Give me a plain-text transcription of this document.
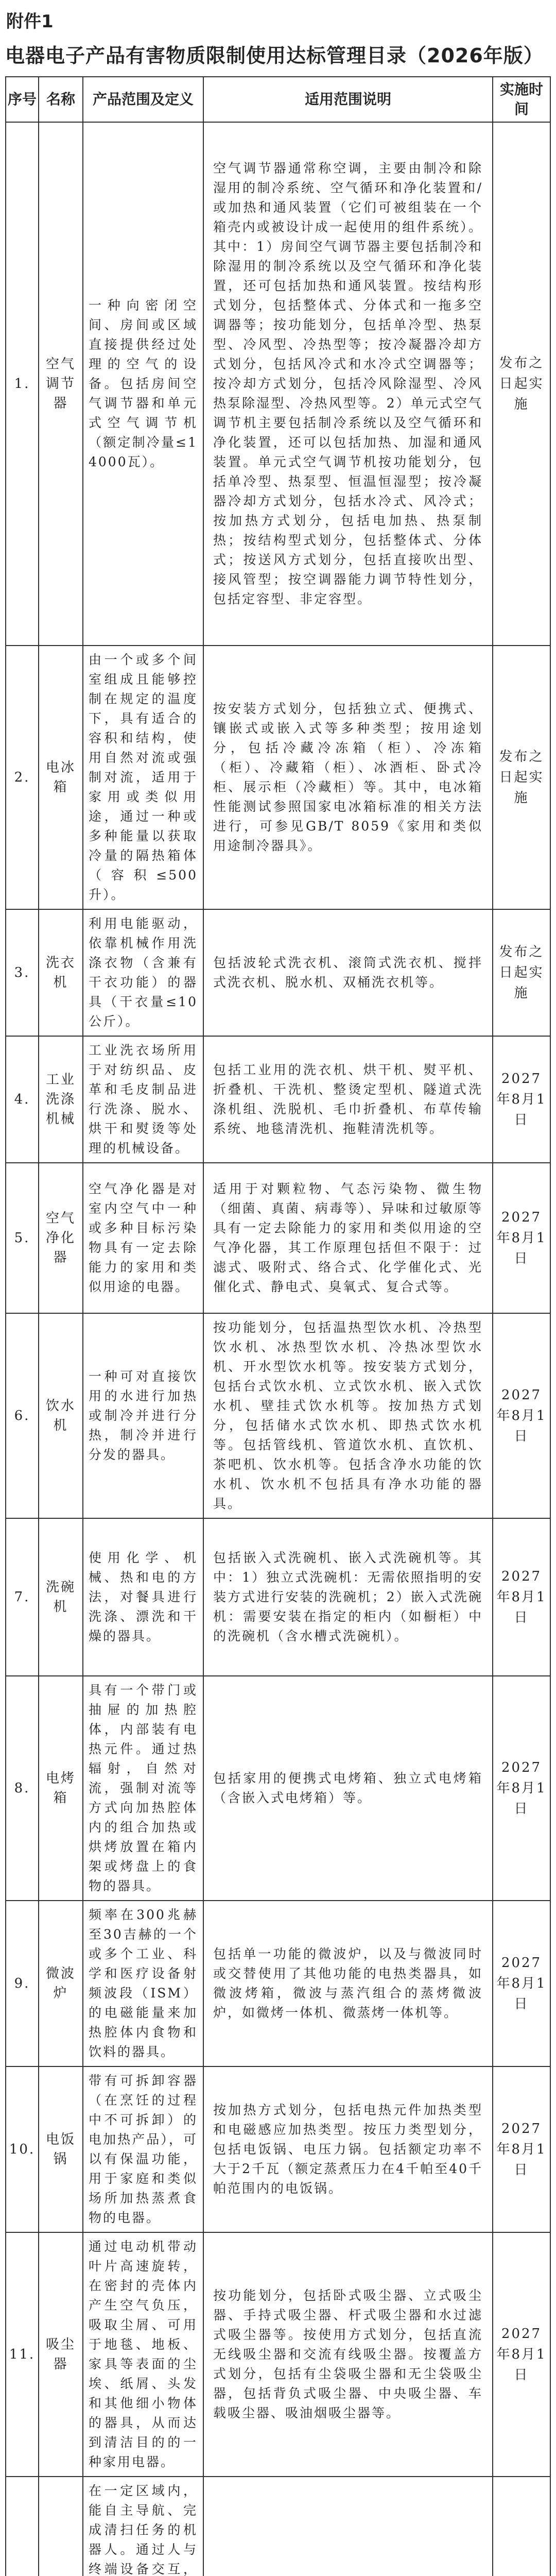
附件1
电器电子产品有害物质限制使用达标管理目录（2026年版）
序号	名称	产品范围及定义	适用范围说明	实施时间
1.	空气调节器	一种向密闭空间、房间或区域直接提供经过处理的空气的设备。包括房间空气调节器和单元式空气调节机（额定制冷量≤14000瓦）。	空气调节器通常称空调，主要由制冷和除湿用的制冷系统、空气循环和净化装置和/或加热和通风装置（它们可被组装在一个箱壳内或被设计成一起使用的组件系统）。其中：1）房间空气调节器主要包括制冷和除湿用的制冷系统以及空气循环和净化装置，还可包括加热和通风装置。按结构形式划分，包括整体式、分体式和一拖多空调器等；按功能划分，包括单冷型、热泵型、冷风型、冷热型等；按冷凝器冷却方式划分，包括风冷式和水冷式空调器等；按冷却方式划分，包括冷风除湿型、冷风热泵除湿型、冷热风型等。2）单元式空气调节机主要包括制冷系统以及空气循环和净化装置，还可以包括加热、加湿和通风装置。单元式空气调节机按功能划分，包括单冷型、热泵型、恒温恒湿型；按冷凝器冷却方式划分，包括水冷式、风冷式；按加热方式划分，包括电加热、热泵制热；按结构型式划分，包括整体式、分体式；按送风方式划分，包括直接吹出型、接风管型；按空调器能力调节特性划分，包括定容型、非定容型。	发布之日起实施
2.	电冰箱	由一个或多个间室组成且能够控制在规定的温度下，具有适合的容积和结构，使用自然对流或强制对流，适用于家用或类似用途，通过一种或多种能量以获取冷量的隔热箱体（容积≤500升）。	按安装方式划分，包括独立式、便携式、镶嵌式或嵌入式等多种类型；按用途划分，包括冷藏冷冻箱（柜）、冷冻箱（柜）、冷藏箱（柜）、冰酒柜、卧式冷柜、展示柜（冷藏柜）等。其中，电冰箱性能测试参照国家电冰箱标准的相关方法进行，可参见GB/T 8059《家用和类似用途制冷器具》。	发布之日起实施
3.	洗衣机	利用电能驱动，依靠机械作用洗涤衣物（含兼有干衣功能）的器具（干衣量≤10公斤）。	包括波轮式洗衣机、滚筒式洗衣机、搅拌式洗衣机、脱水机、双桶洗衣机等。	发布之日起实施
4.	工业洗涤机械	工业洗衣场所用于对纺织品、皮革和毛皮制品进行洗涤、脱水、烘干和熨烫等处理的机械设备。	包括工业用的洗衣机、烘干机、熨平机、折叠机、干洗机、整烫定型机、隧道式洗涤机组、洗脱机、毛巾折叠机、布草传输系统、地毯清洗机、拖鞋清洗机等。	2027年8月1日
5.	空气净化器	空气净化器是对室内空气中一种或多种目标污染物具有一定去除能力的家用和类似用途的电器。	适用于对颗粒物、气态污染物、微生物（细菌、真菌、病毒等）、异味和过敏原等具有一定去除能力的家用和类似用途的空气净化器，其工作原理包括但不限于：过滤式、吸附式、络合式、化学催化式、光催化式、静电式、臭氧式、复合式等。	2027年8月1日
6.	饮水机	一种可对直接饮用的水进行加热或制冷并进行分热，制冷并进行分发的器具。	按功能划分，包括温热型饮水机、冷热型饮水机、冰热型饮水机、冷热冰型饮水机、开水型饮水机等。按安装方式划分，包括台式饮水机、立式饮水机、嵌入式饮水机、壁挂式饮水机等。按加热方式划分，包括储水式饮水机、即热式饮水机等。包括管线机、管道饮水机、直饮机、茶吧机、饮水机等。包括含净水功能的饮水机、饮水机不包括具有净水功能的器具。	2027年8月1日
7.	洗碗机	使用化学、机械、热和电的方法，对餐具进行洗涤、漂洗和干燥的器具。	包括嵌入式洗碗机、嵌入式洗碗机等。其中：1）独立式洗碗机：无需依照指明的安装方式进行安装的洗碗机；2）嵌入式洗碗机：需要安装在指定的柜内（如橱柜）中的洗碗机（含水槽式洗碗机）。	2027年8月1日
8.	电烤箱	具有一个带门或抽屉的加热腔体，内部装有电热元件。通过热辐射，自然对流，强制对流等方式向加热腔体内的组合加热或烘烤放置在箱内架或烤盘上的食物的器具。	包括家用的便携式电烤箱、独立式电烤箱（含嵌入式电烤箱）等。	2027年8月1日
9.	微波炉	频率在300兆赫至30吉赫的一个或多个工业、科学和医疗设备射频波段（ISM）的电磁能量来加热腔体内食物和饮料的器具。	包括单一功能的微波炉，以及与微波同时或交替使用了其他功能的电热类器具，如微波烤箱，微波与蒸汽组合的蒸烤微波炉，如微烤一体机、微蒸烤一体机等。	2027年8月1日
10.	电饭锅	带有可拆卸容器（在烹饪的过程中不可拆卸）的电加热产品），可以有保温功能，用于家庭和类似场所加热蒸煮食物的电器。	按加热方式划分，包括电热元件加热类型和电磁感应加热类型。按压力类型划分，包括电饭锅、电压力锅。包括额定功率不大于2千瓦（额定蒸煮压力在4千帕至40千帕范围内的电饭锅。	2027年8月1日
11.	吸尘器	通过电动机带动叶片高速旋转，在密封的壳体内产生空气负压，吸取尘屑、可用于地毯、地板、家具等表面的尘埃、纸屑、头发和其他细小物体的器具，从而达到清洁目的的一种家用电器。	按功能划分，包括卧式吸尘器、立式吸尘器、手持式吸尘器、杆式吸尘器和水过滤式吸尘器等。按使用方式划分，包括直流无线吸尘器和交流有线吸尘器。按覆盖方式划分，包括有尘袋吸尘器和无尘袋吸尘器，包括背负式吸尘器、中央吸尘器、车载吸尘器、吸油烟吸尘器等。	2027年8月1日
		在一定区域内，能自主导航、完成清扫任务的机器人。通过人与终端设备交互，		
